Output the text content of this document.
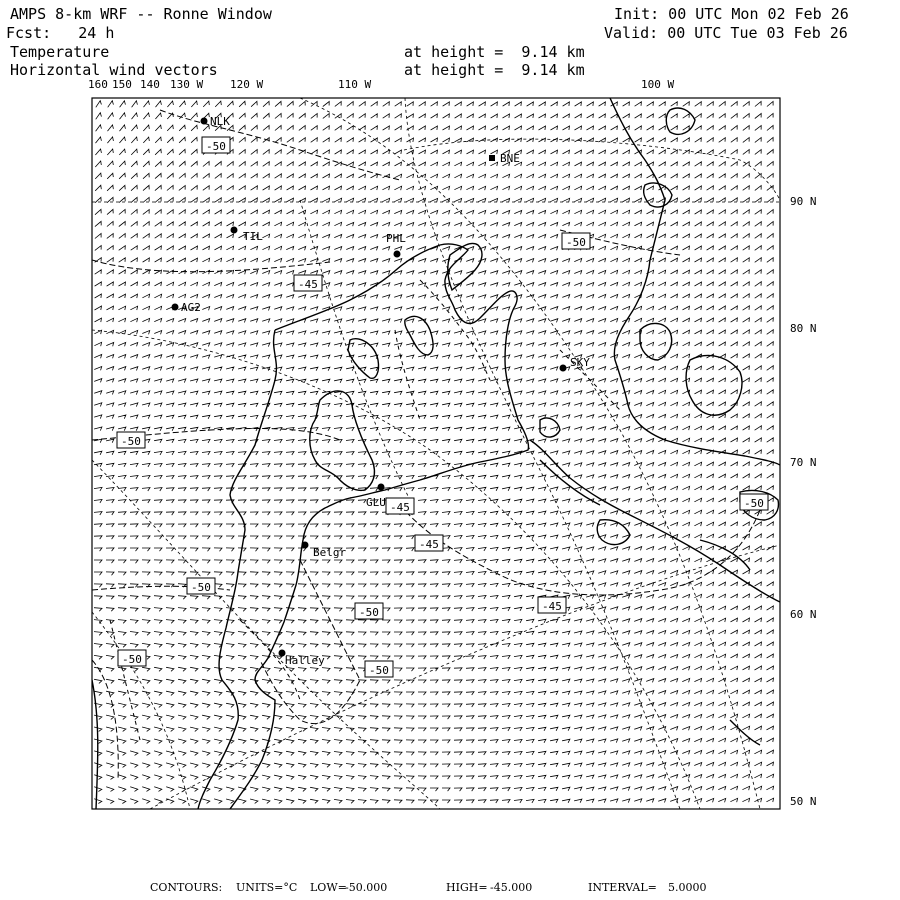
AMPS 8-km WRF -- Ronne Window	Init: 00 UTC Mon 02 Feb 26
Fcst:   24 h	Valid: 00 UTC Tue 03 Feb 26
Temperature	at height =  9.14 km
Horizontal wind vectors	at height =  9.14 km
160 150 140 130 W 120 W	110 W	100 W
90 N
80 N
70 N
60 N
50 N
NLK
BNE
TIL	PHL
AG2
SKY
GLU
Belgr
Halley
-50
-50
-45
-50
-45
-45
-45
-50
-50
-50
-50
-50
CONTOURS: UNITS=°C LOW=
-50.000	HIGH= -45.000	INTERVAL= 5.0000
